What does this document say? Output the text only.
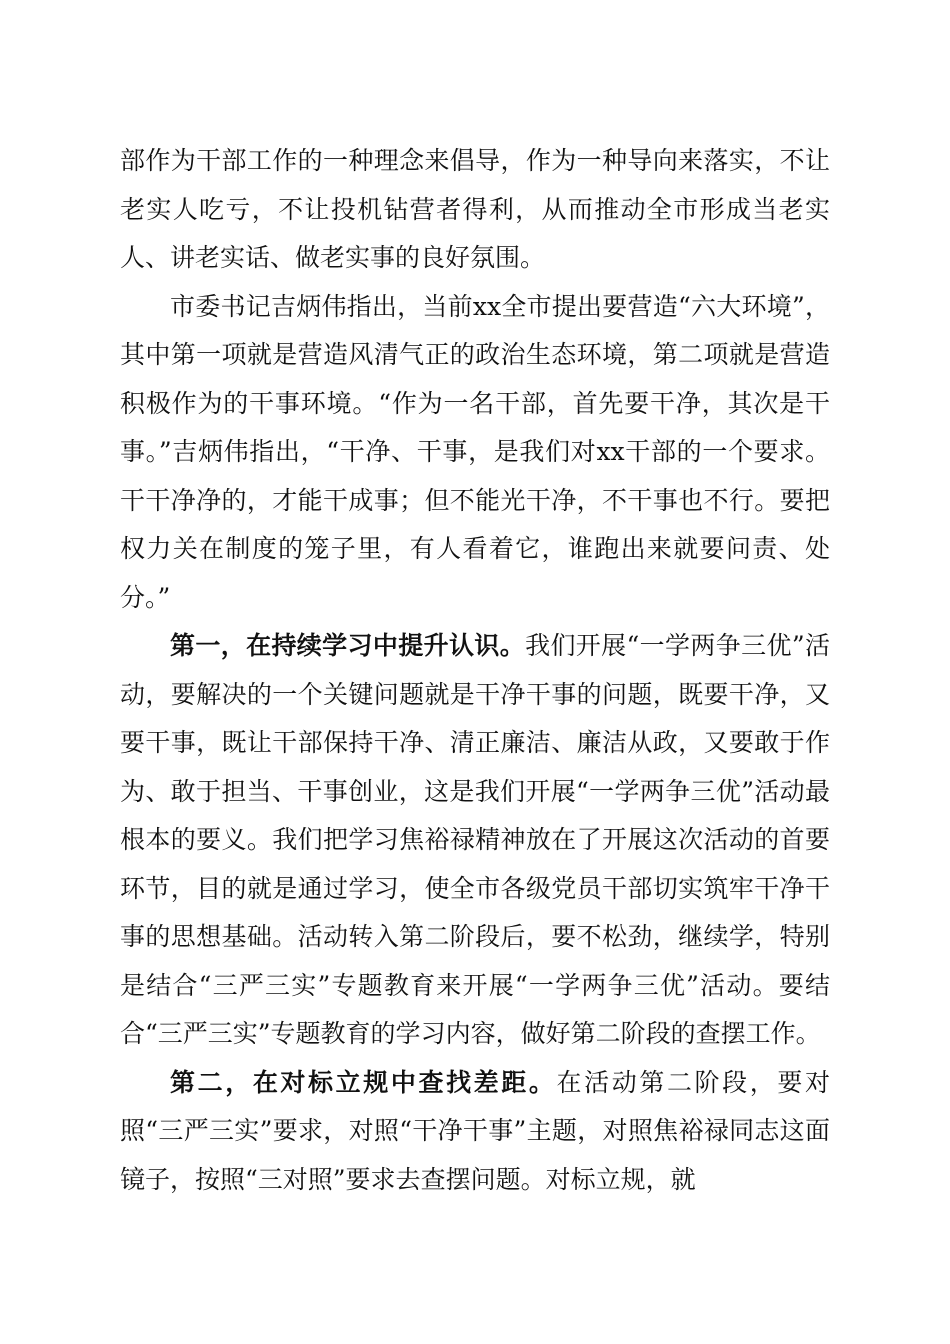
部作为干部工作的一种理念来倡导，作为一种导向来落实，不让老实人吃亏，不让投机钻营者得利，从而推动全市形成当老实人、讲老实话、做老实事的良好氛围。

市委书记吉炳伟指出，当前xx全市提出要营造“六大环境”，其中第一项就是营造风清气正的政治生态环境，第二项就是营造积极作为的干事环境。“作为一名干部，首先要干净，其次是干事。”吉炳伟指出，“干净、干事，是我们对xx干部的一个要求。干干净净的，才能干成事；但不能光干净，不干事也不行。要把权力关在制度的笼子里，有人看着它，谁跑出来就要问责、处分。”

第一，在持续学习中提升认识。我们开展“一学两争三优”活动，要解决的一个关键问题就是干净干事的问题，既要干净，又要干事，既让干部保持干净、清正廉洁、廉洁从政，又要敢于作为、敢于担当、干事创业，这是我们开展“一学两争三优”活动最根本的要义。我们把学习焦裕禄精神放在了开展这次活动的首要环节，目的就是通过学习，使全市各级党员干部切实筑牢干净干事的思想基础。活动转入第二阶段后，要不松劲，继续学，特别是结合“三严三实”专题教育来开展“一学两争三优”活动。要结合“三严三实”专题教育的学习内容，做好第二阶段的查摆工作。

第二，在对标立规中查找差距。在活动第二阶段，要对照“三严三实”要求，对照“干净干事”主题，对照焦裕禄同志这面镜子，按照“三对照”要求去查摆问题。对标立规，就
